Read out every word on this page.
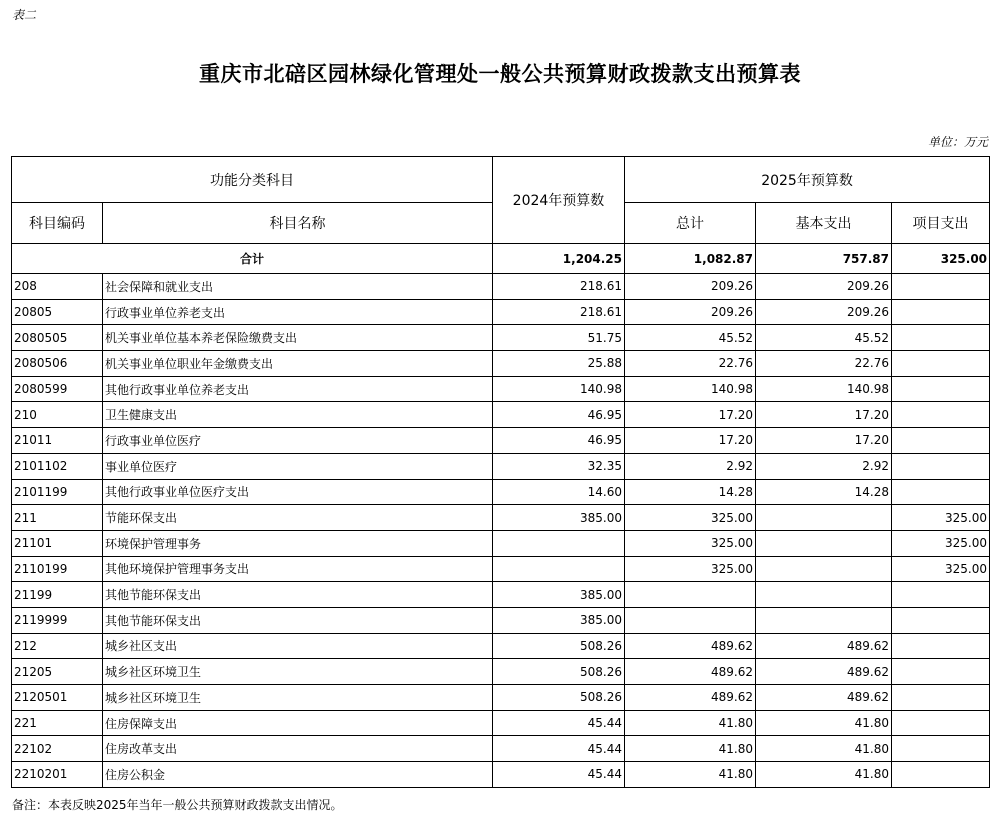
表二
重庆市北碚区园林绿化管理处一般公共预算财政拨款支出预算表
单位：万元
功能分类科目		2024年预算数	2025年预算数		
科目编码	科目名称		总计	基本支出	项目支出
合计		1,204.25	1,082.87	757.87	325.00
208	社会保障和就业支出	218.61	209.26	209.26	
20805	行政事业单位养老支出	218.61	209.26	209.26	
2080505	机关事业单位基本养老保险缴费支出	51.75	45.52	45.52	
2080506	机关事业单位职业年金缴费支出	25.88	22.76	22.76	
2080599	其他行政事业单位养老支出	140.98	140.98	140.98	
210	卫生健康支出	46.95	17.20	17.20	
21011	行政事业单位医疗	46.95	17.20	17.20	
2101102	事业单位医疗	32.35	2.92	2.92	
2101199	其他行政事业单位医疗支出	14.60	14.28	14.28	
211	节能环保支出	385.00	325.00		325.00
21101	环境保护管理事务		325.00		325.00
2110199	其他环境保护管理事务支出		325.00		325.00
21199	其他节能环保支出	385.00			
2119999	其他节能环保支出	385.00			
212	城乡社区支出	508.26	489.62	489.62	
21205	城乡社区环境卫生	508.26	489.62	489.62	
2120501	城乡社区环境卫生	508.26	489.62	489.62	
221	住房保障支出	45.44	41.80	41.80	
22102	住房改革支出	45.44	41.80	41.80	
2210201	住房公积金	45.44	41.80	41.80	
备注：本表反映2025年当年一般公共预算财政拨款支出情况。
